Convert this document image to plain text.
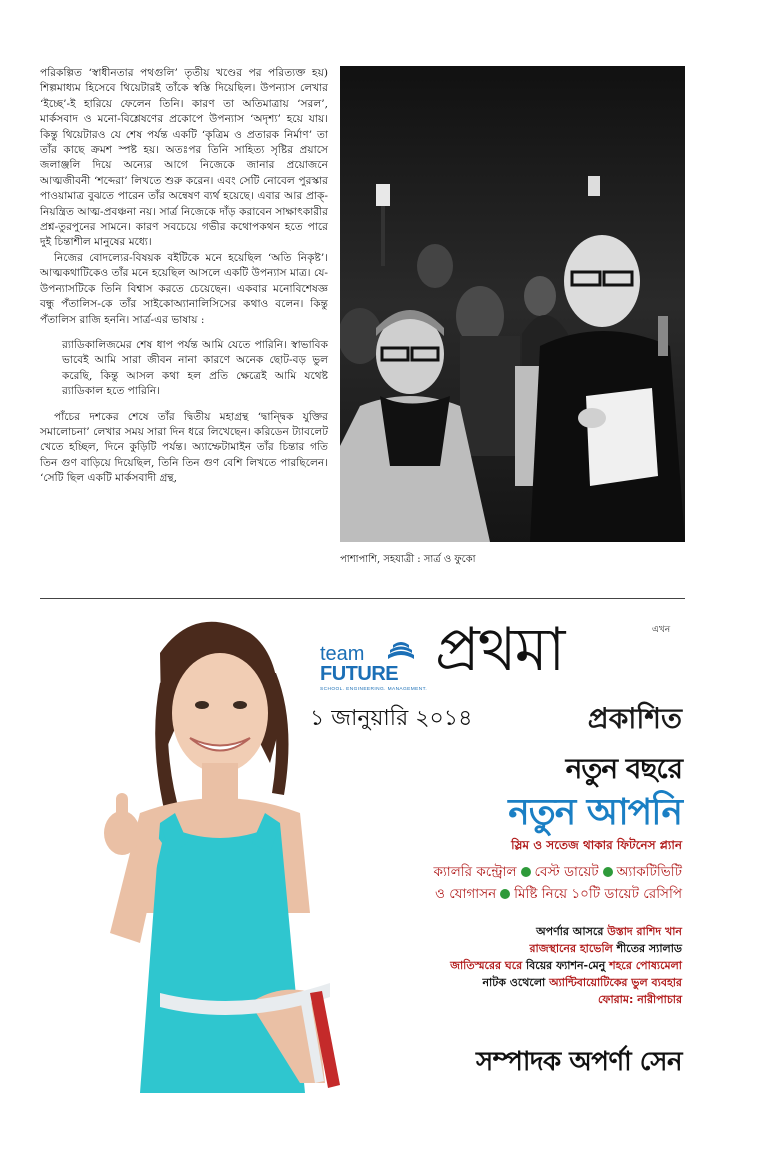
পরিকল্পিত ‘স্বাধীনতার পথগুলি’ তৃতীয় খণ্ডের পর পরিত্যক্ত হয়) শিল্পমাধ্যম হিসেবে থিয়েটারই তাঁকে স্বস্তি দিয়েছিল। উপন্যাস লেখার ‘ইচ্ছে’-ই হারিয়ে ফেলেন তিনি। কারণ তা অতিমাত্রায় ‘সরল’, মার্কসবাদ ও মনো-বিশ্লেষণের প্রকোপে উপন্যাস ‘অদৃশ্য’ হয়ে যায়। কিন্তু থিয়েটারও যে শেষ পর্যন্ত একটি ‘কৃত্রিম ও প্রতারক নির্মাণ’ তা তাঁর কাছে ক্রমশ স্পষ্ট হয়। অতঃপর তিনি সাহিত্য সৃষ্টির প্রয়াসে জলাঞ্জলি দিয়ে অন্যের আগে নিজেকে জানার প্রয়োজনে আত্মজীবনী ‘শব্দেরা’ লিখতে শুরু করেন। এবং সেটি নোবেল পুরস্কার পাওয়ামাত্র বুঝতে পারেন তাঁর অন্বেষণ ব্যর্থ হয়েছে। এবার আর প্রাক্-নিয়ন্ত্রিত আত্ম-প্রবঞ্চনা নয়। সার্ত্র নিজেকে দাঁড় করাবেন সাক্ষাৎকারীর প্রশ্ন-তুরপুনের সামনে। কারণ সবচেয়ে গভীর কথোপকথন হতে পারে দুই চিন্তাশীল মানুষের মধ্যে।

নিজের বোদল্যের-বিষয়ক বইটিকে মনে হয়েছিল ‘অতি নিকৃষ্ট’। আত্মকথাটিকেও তাঁর মনে হয়েছিল আসলে একটি উপন্যাস মাত্র। যে-উপন্যাসটিকে তিনি বিশ্বাস করতে চেয়েছেন। একবার মনোবিশেষজ্ঞ বন্ধু পঁতালিস-কে তাঁর সাইকোঅ্যানালিসিসের কথাও বলেন। কিন্তু পঁতালিস রাজি হননি। সার্ত্র-এর ভাষায় :

র‍্যাডিকালিজমের শেষ ধাপ পর্যন্ত আমি যেতে পারিনি। স্বাভাবিক ভাবেই আমি সারা জীবন নানা কারণে অনেক ছোট-বড় ভুল করেছি, কিন্তু আসল কথা হল প্রতি ক্ষেত্রেই আমি যথেষ্ট র‍্যাডিকাল হতে পারিনি।

পাঁচের দশকের শেষে তাঁর দ্বিতীয় মহাগ্রন্থ ‘দ্বান্দ্বিক যুক্তির সমালোচনা’ লেখার সময় সারা দিন ধরে লিখেছেন। করিডেন ট্যাবলেট খেতে হচ্ছিল, দিনে কুড়িটি পর্যন্ত। অ্যাম্ফেটামাইন তাঁর চিন্তার গতি তিন গুণ বাড়িয়ে দিয়েছিল, তিনি তিন গুণ বেশি লিখতে পারছিলেন। ‘সেটি ছিল একটি মার্কসবাদী গ্রন্থ,

পাশাপাশি, সহযাত্রী : সার্ত্র ও ফুকো
team
FUTURE
SCHOOL. ENGINEERING. MANAGEMENT.
প্রথমা	এখন
১ জানুয়ারি ২০১৪	প্রকাশিত
নতুন বছরে
নতুন আপনি
স্লিম ও সতেজ থাকার ফিটনেস প্ল্যান
ক্যালরি কন্ট্রোল বেস্ট ডায়েট অ্যাকটিভিটি
ও যোগাসন মিষ্টি নিয়ে ১০টি ডায়েট রেসিপি
অপর্ণার আসরে উস্তাদ রাশিদ খান
রাজস্থানের হাভেলি শীতের স্যালাড
জাতিস্মরের ঘরে বিয়ের ফ্যাশন-মেনু শহরে পোষ্যমেলা
নাটক ওথেলো অ্যান্টিবায়োটিকের ভুল ব্যবহার
ফোরাম: নারীপাচার
সম্পাদক অপর্ণা সেন
